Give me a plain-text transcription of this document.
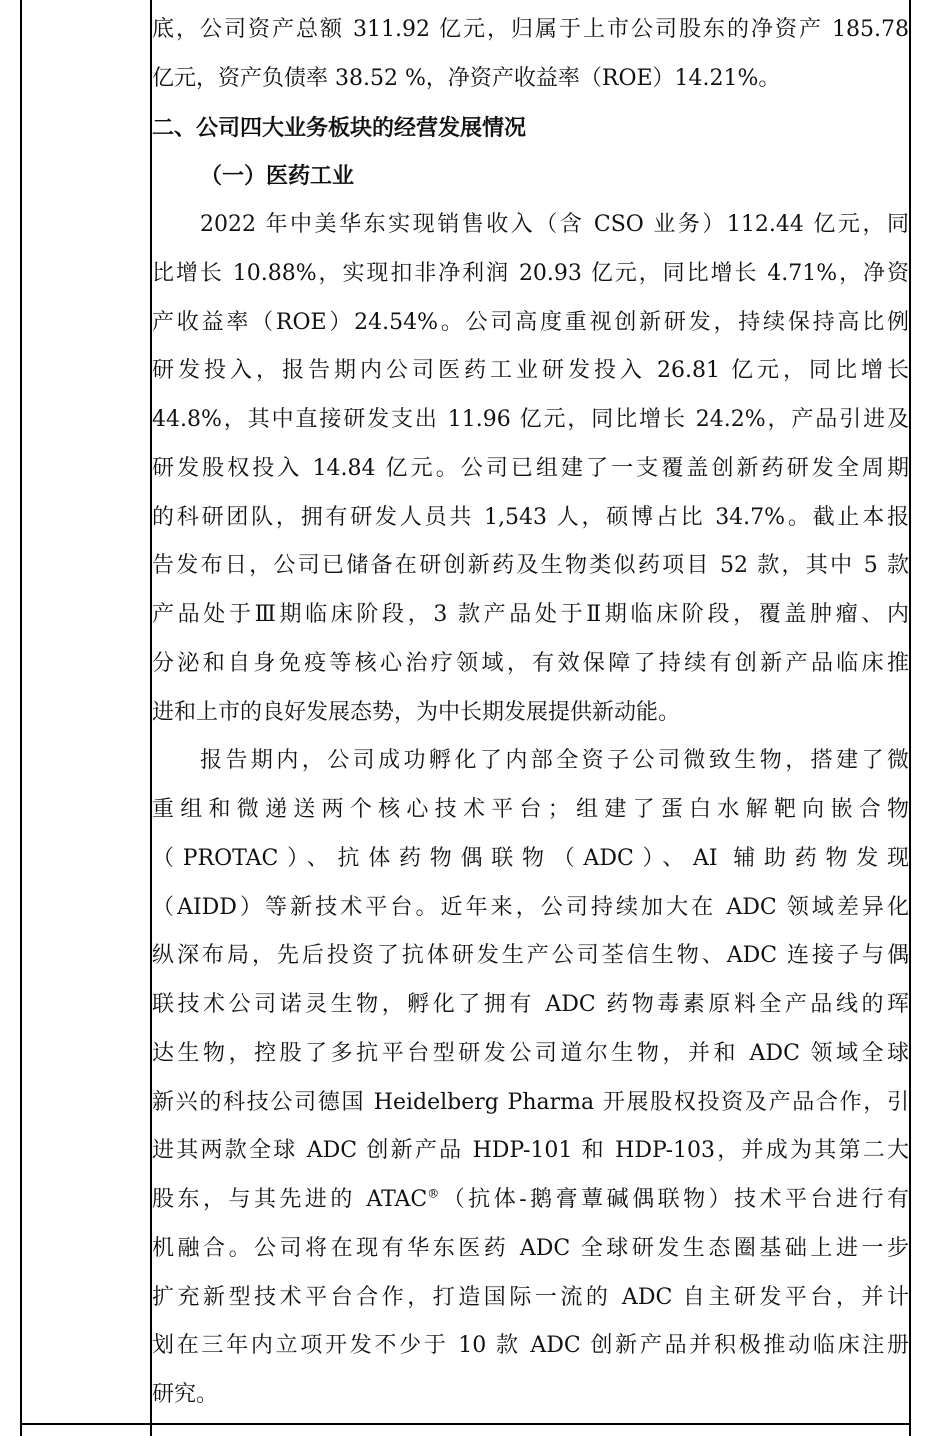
底，公司资产总额 311.92 亿元，归属于上市公司股东的净资产 185.78
亿元，资产负债率 38.52 %，净资产收益率（ROE）14.21%。
二、公司四大业务板块的经营发展情况
（一）医药工业
2022 年中美华东实现销售收入（含 CSO 业务）112.44 亿元，同
比增长 10.88%，实现扣非净利润 20.93 亿元，同比增长 4.71%，净资
产收益率（ROE）24.54%。公司高度重视创新研发，持续保持高比例
研发投入，报告期内公司医药工业研发投入 26.81 亿元，同比增长
44.8%，其中直接研发支出 11.96 亿元，同比增长 24.2%，产品引进及
研发股权投入 14.84 亿元。公司已组建了一支覆盖创新药研发全周期
的科研团队，拥有研发人员共 1,543 人，硕博占比 34.7%。截止本报
告发布日，公司已储备在研创新药及生物类似药项目 52 款，其中 5 款
产品处于Ⅲ期临床阶段，3 款产品处于Ⅱ期临床阶段，覆盖肿瘤、内
分泌和自身免疫等核心治疗领域，有效保障了持续有创新产品临床推
进和上市的良好发展态势，为中长期发展提供新动能。
报告期内，公司成功孵化了内部全资子公司微致生物，搭建了微
重组和微递送两个核心技术平台；组建了蛋白水解靶向嵌合物
（PROTAC）、抗体药物偶联物（ADC）、AI 辅助药物发现
（AIDD）等新技术平台。近年来，公司持续加大在 ADC 领域差异化
纵深布局，先后投资了抗体研发生产公司荃信生物、ADC 连接子与偶
联技术公司诺灵生物，孵化了拥有 ADC 药物毒素原料全产品线的珲
达生物，控股了多抗平台型研发公司道尔生物，并和 ADC 领域全球
新兴的科技公司德国 Heidelberg Pharma 开展股权投资及产品合作，引
进其两款全球 ADC 创新产品 HDP-101 和 HDP-103，并成为其第二大
股东，与其先进的 ATAC®（抗体-鹅膏蕈碱偶联物）技术平台进行有
机融合。公司将在现有华东医药 ADC 全球研发生态圈基础上进一步
扩充新型技术平台合作，打造国际一流的 ADC 自主研发平台，并计
划在三年内立项开发不少于 10 款 ADC 创新产品并积极推动临床注册
研究。
